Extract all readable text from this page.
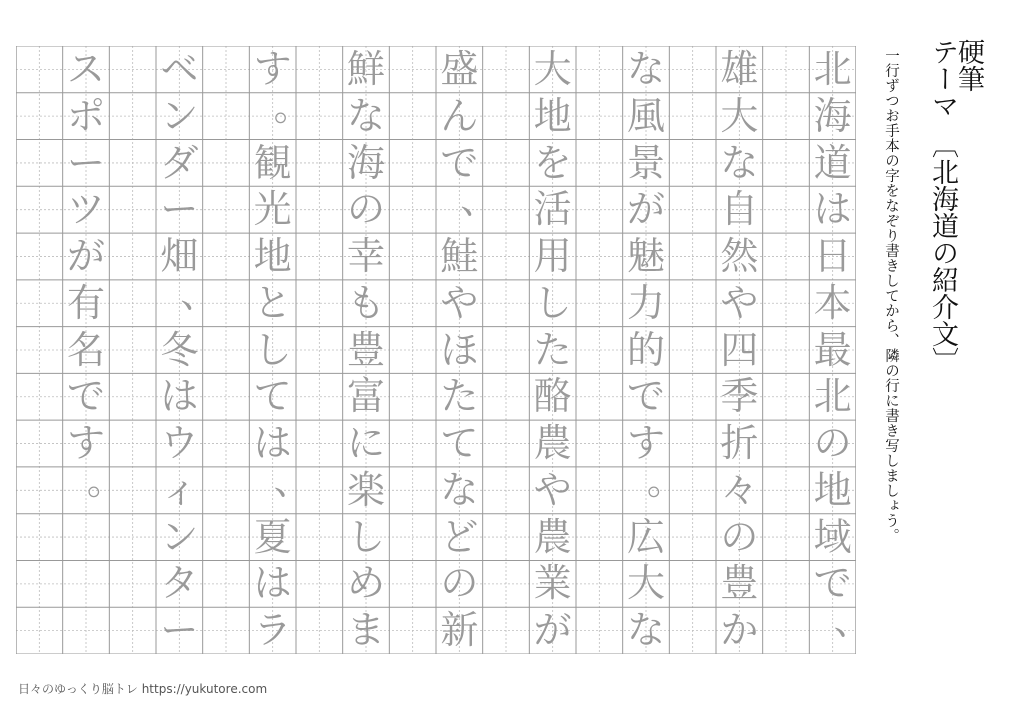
北
海
道
は
日
本
最
北
の
地
域
で
、
雄
大
な
自
然
や
四
季
折
々
の
豊
か
な
風
景
が
魅
力
的
で
す
。
広
大
な
大
地
を
活
用
し
た
酪
農
や
農
業
が
盛
ん
で
、
鮭
や
ほ
た
て
な
ど
の
新
鮮
な
海
の
幸
も
豊
富
に
楽
し
め
ま
す
。
観
光
地
と
し
て
は
、
夏
は
ラ
ベ
ン
ダ
ー
畑
、
冬
は
ウ
ィ
ン
タ
ー
ス
ポ
ー
ツ
が
有
名
で
す
。
硬筆
テーマ〔北海道の紹介文〕
一行ずつお手本の字をなぞり書きしてから、隣の行に書き写しましょう。
日々のゆっくり脳トレ https://yukutore.com
